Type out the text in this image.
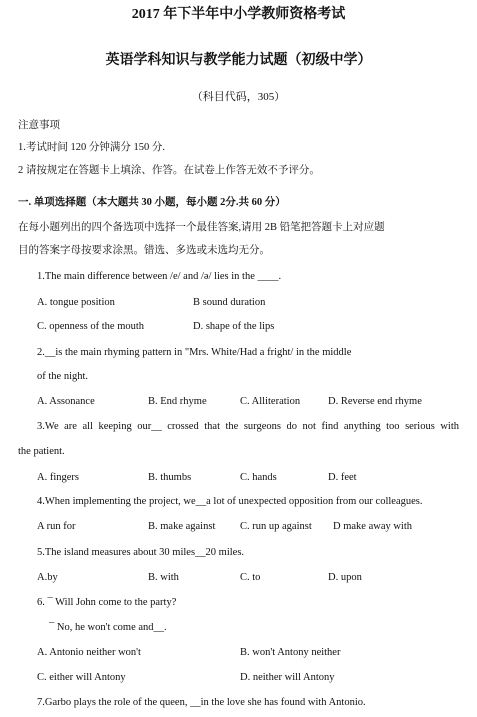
2017 年下半年中小学教师资格考试
英语学科知识与教学能力试题（初级中学）
（科目代码，305）
注意事项
1.考试时间 120 分钟满分 150 分.
2 请按规定在答题卡上填涂、作答。在试卷上作答无效不予评分。
一. 单项选择题（本大题共 30 小题，每小题 2分.共 60 分）
在每小题列出的四个备选项中选择一个最佳答案,请用 2B 铅笔把答题卡上对应题
目的答案字母按要求涂黑。错选、多选或未选均无分。
1.The main difference between /e/ and /ə/ lies in the ____.
A. tongue position	B sound duration
C. openness of the mouth	D. shape of the lips
2.__is the main rhyming pattern in "Mrs. White/Had a fright/ in the middle
of the night.
A. Assonance	B. End rhyme	C. Alliteration	D. Reverse end rhyme
3.We are all keeping our__ crossed that the surgeons do not find anything too serious with
the patient.
A. fingers	B. thumbs	C. hands	D. feet
4.When implementing the project, we__a lot of unexpected opposition from our colleagues.
A run for	B. make against C. run up against D make away with
5.The island measures about 30 miles__20 miles.
A.by	B. with	C. to	D. upon
6. ¯ Will John come to the party?
¯ No, he won't come and__.
A. Antonio neither won't	B. won't Antony neither
C. either will Antony	D. neither will Antony
7.Garbo plays the role of the queen, __in the love she has found with Antonio.
